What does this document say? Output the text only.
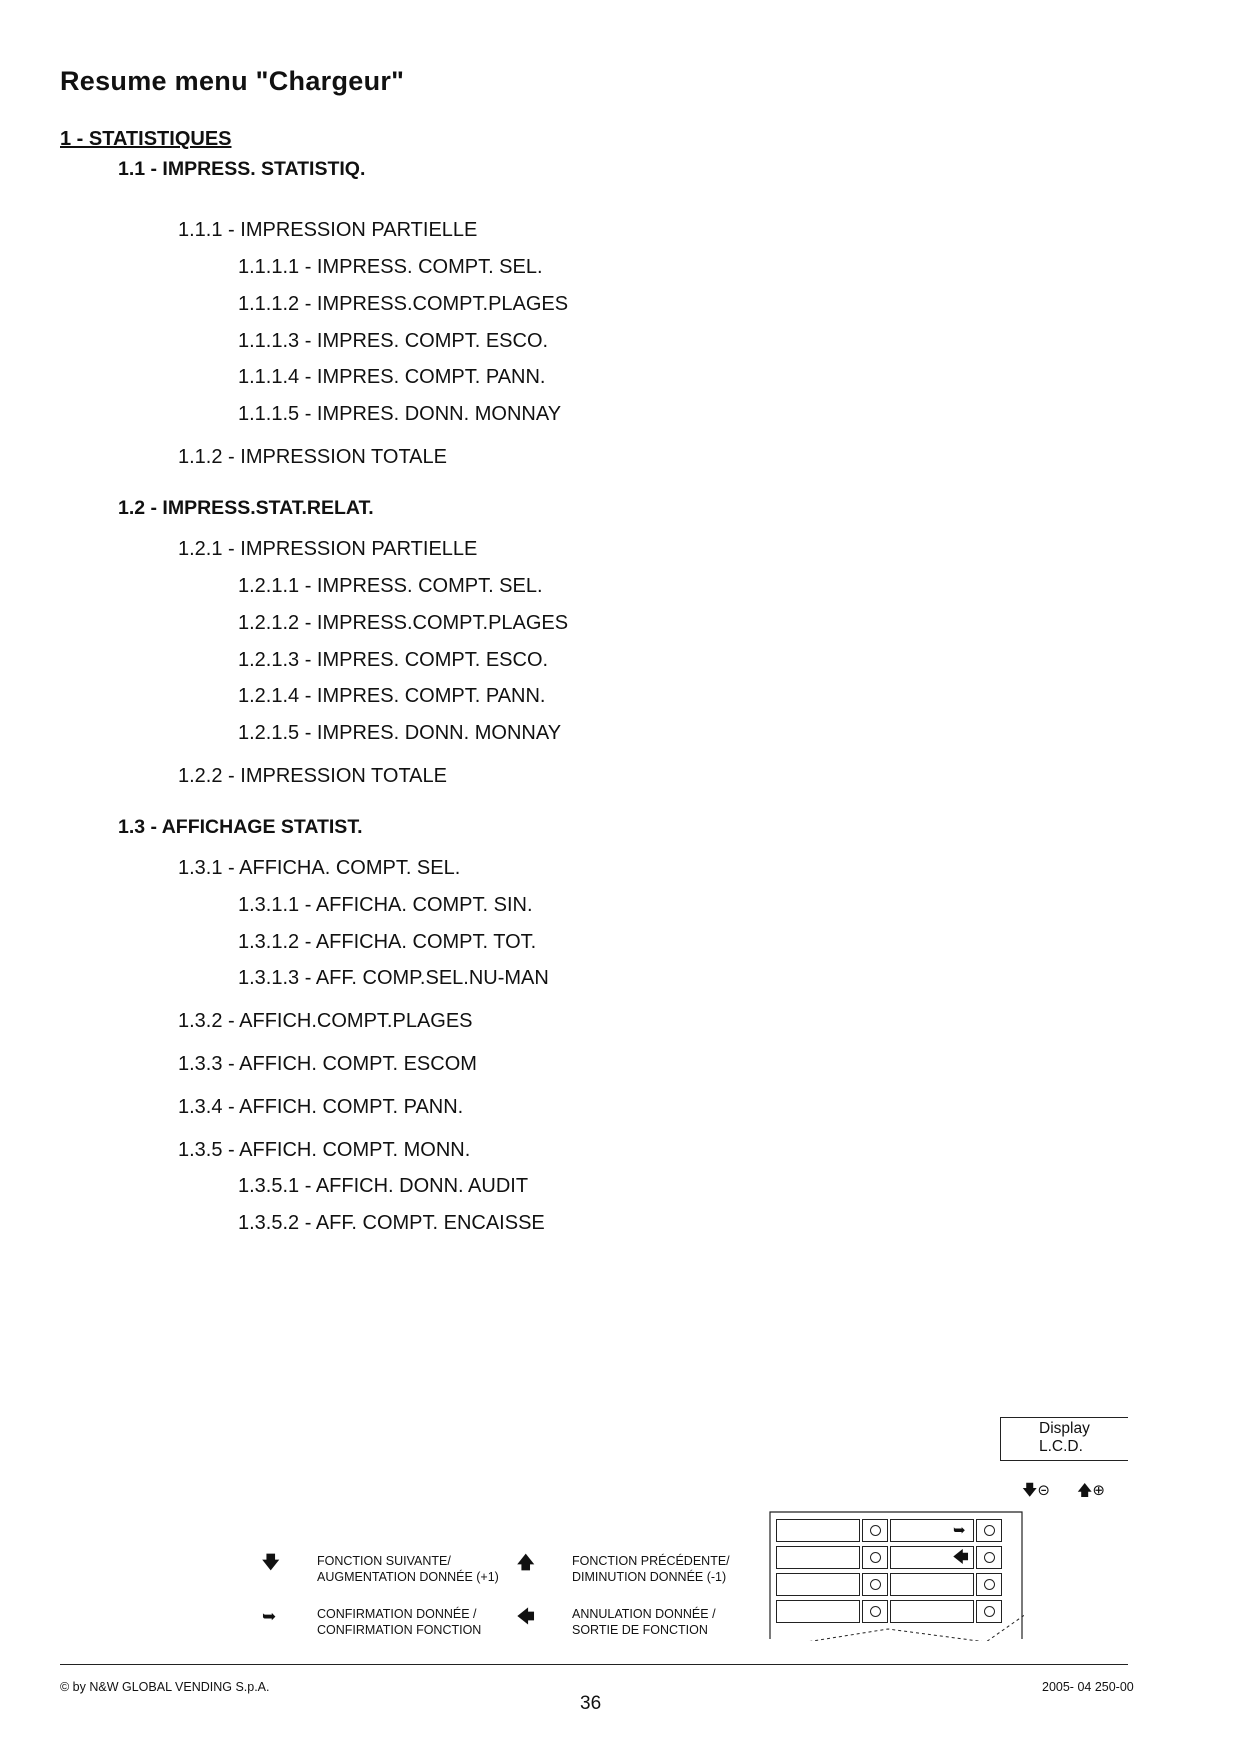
Resume menu "Chargeur"
1 - STATISTIQUES
1.1 - IMPRESS. STATISTIQ.
1.1.1 - IMPRESSION PARTIELLE
1.1.1.1 - IMPRESS. COMPT. SEL.
1.1.1.2 - IMPRESS.COMPT.PLAGES
1.1.1.3 - IMPRES. COMPT. ESCO.
1.1.1.4 - IMPRES. COMPT. PANN.
1.1.1.5 - IMPRES. DONN. MONNAY
1.1.2 - IMPRESSION TOTALE
1.2 - IMPRESS.STAT.RELAT.
1.2.1 - IMPRESSION PARTIELLE
1.2.1.1 - IMPRESS. COMPT. SEL.
1.2.1.2 - IMPRESS.COMPT.PLAGES
1.2.1.3 - IMPRES. COMPT. ESCO.
1.2.1.4 - IMPRES. COMPT. PANN.
1.2.1.5 - IMPRES. DONN. MONNAY
1.2.2 - IMPRESSION TOTALE
1.3 - AFFICHAGE STATIST.
1.3.1 - AFFICHA. COMPT. SEL.
1.3.1.1 - AFFICHA. COMPT. SIN.
1.3.1.2 - AFFICHA. COMPT. TOT.
1.3.1.3 - AFF. COMP.SEL.NU-MAN
1.3.2 - AFFICH.COMPT.PLAGES
1.3.3 - AFFICH. COMPT. ESCOM
1.3.4 - AFFICH. COMPT. PANN.
1.3.5 - AFFICH. COMPT. MONN.
1.3.5.1 - AFFICH. DONN. AUDIT
1.3.5.2 - AFF. COMPT. ENCAISSE
🡇	FONCTION SUIVANTE/
AUGMENTATION DONNÉE (+1)
🡅	FONCTION PRÉCÉDENTE/
DIMINUTION DONNÉE (-1)
➥	CONFIRMATION DONNÉE /
CONFIRMATION FONCTION
🡄	ANNULATION DONNÉE /
SORTIE DE FONCTION
Display
L.C.D.
🡇⊝ 🡅⊕
➥
🡄
© by N&W GLOBAL VENDING S.p.A.	2005- 04 250-00
36
